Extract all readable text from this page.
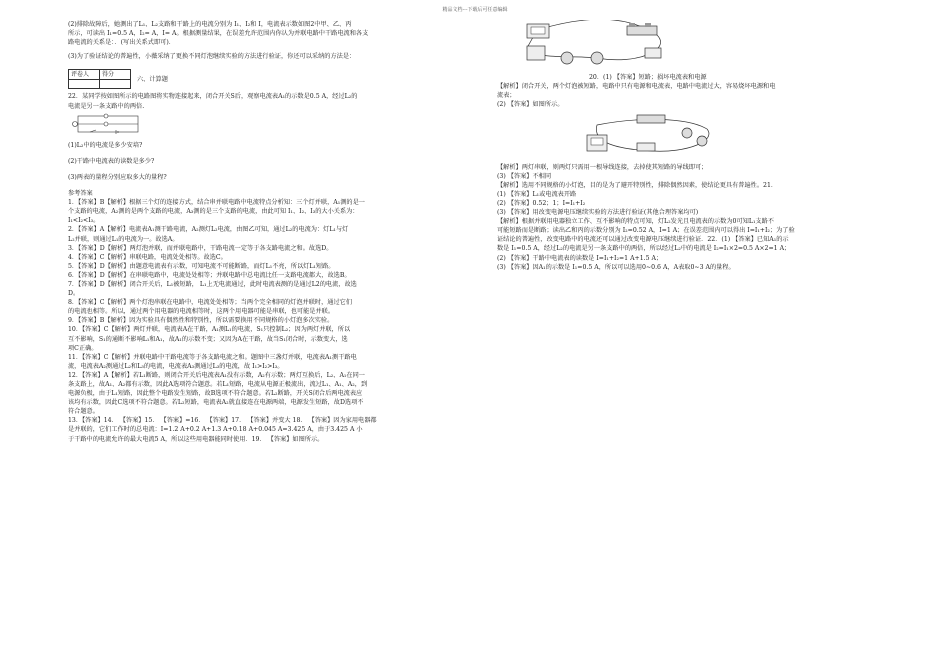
精品文档---下载后可任意编辑

(2)排除故障后，她测出了L₁、L₂支路和干路上的电流分别为 I₁、I₂和 I，电流表示数如图2中甲、乙、丙

所示，可读出 I₁=0.5 A，I₂= A，I= A。根据测量结果，在误差允许范围内你认为并联电路中干路电流和各支

路电流的关系是：．(写出关系式即可)．

(3)为了验证结论的普遍性，小薇采纳了更换不同灯泡继续实验的方法进行验证，你还可以采纳的方法是：

评卷人	得分

六、计算题

22．某同学按如图所示的电路图将实物连接起来，闭合开关S后，观察电流表A₁的示数是0.5 A，经过L₂的

电流是另一条支路中的两倍.

(1)L₂中的电流是多少安培?

(2)干路中电流表的读数是多少?

(3)两表的量程分别应取多大的量程?

参考答案

1．【答案】B【解析】根据三个灯的连接方式，结合串并联电路中电流特点分析知：三个灯并联，A₁测的是一

个支路的电流，A₂测的是两个支路的电流，A₃测的是三个支路的电流，由此可知 I₁、I₂、I₃的大小关系为：

I₁<I₂<I₃。

2．【答案】A【解析】电流表A₁测干路电流，A₂测灯L₂电流，由图乙可知，通过L₂的电流为：灯L₁与灯

L₂并联，则通过L₁的电流为一。故选A。

3．【答案】D【解析】两灯泡并联，而并联电路中，干路电流一定等于各支路电流之和。故选D。

4．【答案】C【解析】串联电路，电流处处相等。故选C。

5．【答案】D【解析】由题意电流表有示数，可知电流不可能断路，而灯L₁不亮，所以灯L₁短路。

6．【答案】D【解析】在串联电路中，电流处处相等；并联电路中总电流比任一支路电流都大，故选B。

7．【答案】D【解析】闭合开关后，L₁被短路， L₁上无电流通过，此时电流表测的是通过L2的电流，故选

D。

8．【答案】C【解析】两个灯泡串联在电路中，电流处处相等；当两个完全相同的灯泡并联时，通过它们

的电流也相等。所以，通过两个用电器的电流相等时，这两个用电器可能是串联，也可能是并联。

9．【答案】B【解析】因为实验具有偶然性和特别性，所以需要换用不同规格的小灯泡多次实验。

10．【答案】C【解析】两灯并联，电流表A在干路，A₁测L₁的电流，S₁只控制L₂；因为两灯并联，所以

互不影响，S₁的通断不影响L₁和A₁，故A₁的示数不变；又因为A在干路，故当S₁闭合时，示数变大，选

项C正确。

11．【答案】C【解析】并联电路中干路电流等于各支路电流之和。题图中三盏灯并联，电流表A₁测干路电

流，电流表A₂测通过L₂和L₃的电流，电流表A₃测通过L₃的电流，故 I₁>I₂>I₃。

12．【答案】A【解析】若L₁断路，则闭合开关后电流表A₁没有示数，A₂有示数；两灯互换后，L₂、A₁在同一

条支路上，故A₁、A₂都有示数，因此A选项符合题意。若L₁短路，电流从电源正极流出，流过L₁、A₁、A₂，到

电源负极，由于L₁短路，因此整个电路发生短路，故B选项不符合题意。若L₂断路，开关S闭合后两电流表应

该均有示数，因此C选项不符合题意。若L₂短路，电流表A₂就直接连在电源两端，电源发生短路，故D选项不

符合题意。

13．【答案】14． 【答案】15． 【答案】=16． 【答案】17． 【答案】并变大 18． 【答案】因为家用电器都

是并联的，它们工作时的总电流：I=1.2 A+0.2 A+1.3 A+0.18 A+0.045 A=3.425 A，由于3.425 A 小

于干路中的电流允许的最大电流5 A，所以这些用电器能同时使用．19． 【答案】如图所示。

20．(1) 【答案】短路；损坏电流表和电源

【解析】闭合开关，两个灯泡被短路，电路中只有电源和电流表，电路中电流过大，容易烧坏电源和电

流表；

(2) 【答案】如图所示。

【解析】两灯串联，则两灯只需用一根导线连接，去掉使其短路的导线即可；

(3) 【答案】不相同

【解析】选用不同规格的小灯泡，目的是为了避开特别性，排除偶然因素，使结论更具有普遍性。21．

(1) 【答案】L₁或电流表开路

(2) 【答案】0.52；1；I=I₁+I₂

(3) 【答案】用改变电源电压继续实验的方法进行验证(其他合理答案均可)

【解析】根据并联用电器独立工作、互不影响的特点可知，灯L₂发光且电流表的示数为0可知L₁支路不

可能短路而是断路；读出乙和丙的示数分别为 I₂=0.52 A，I=1 A；在误差范围内可以得出 I=I₁+I₂；为了验

证结论的普遍性，改变电路中的电流还可以通过改变电源电压继续进行验证．22．(1) 【答案】已知A₁的示

数是 I₁=0.5 A，经过L₂的电流是另一条支路中的两倍，所以经过L₂中的电流是 I₂=I₁×2=0.5 A×2=1 A；

(2) 【答案】干路中电流表的读数是 I=I₁+I₂=1 A+1.5 A；

(3) 【答案】因A₁的示数是 I₁=0.5 A，所以可以选用0~0.6 A，A表取0~3 A的量程。
